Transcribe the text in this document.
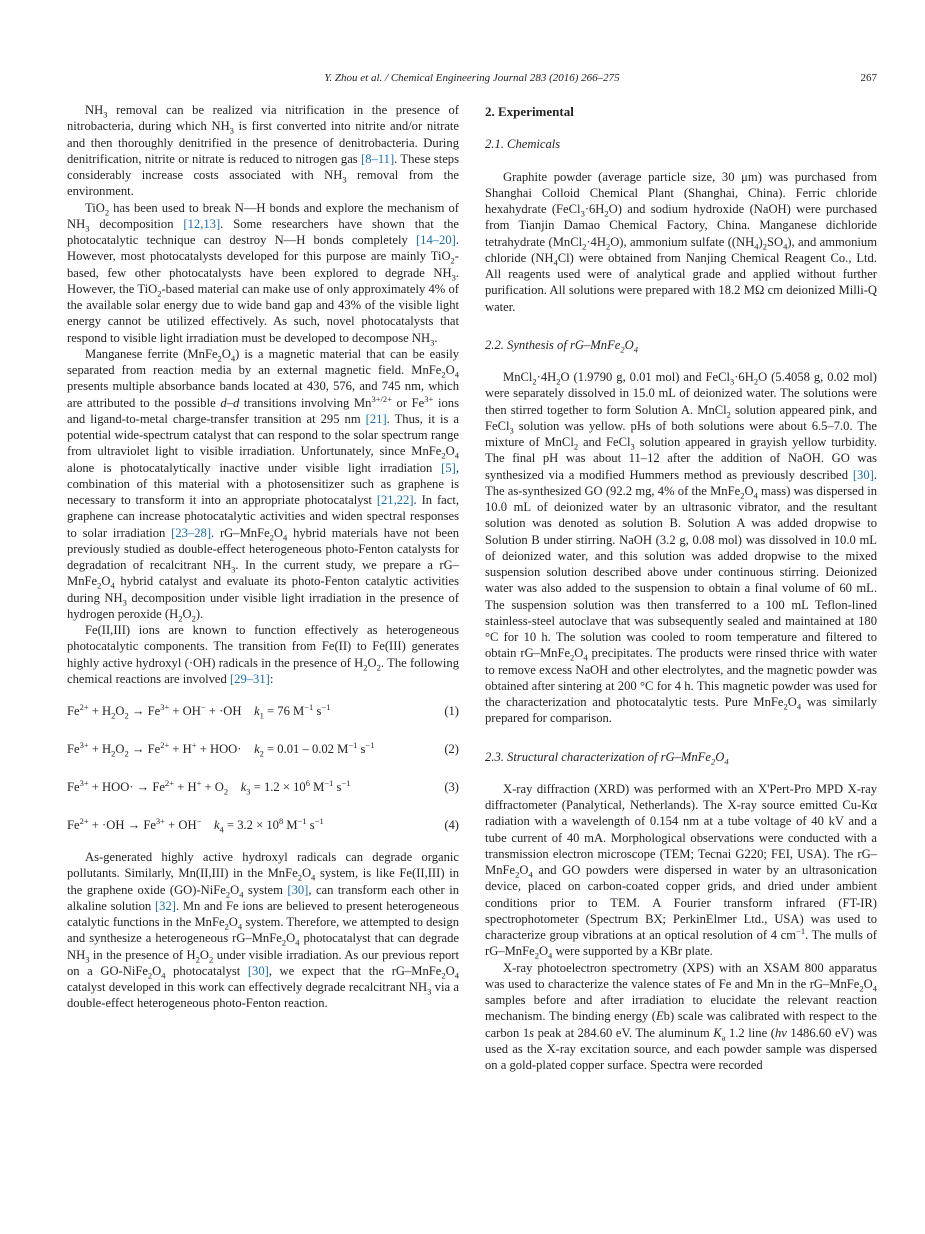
Y. Zhou et al. / Chemical Engineering Journal 283 (2016) 266–275	267

$NH_3$ removal can be realized via nitrification in the presence of nitrobacteria, during which $NH_3$ is first converted into nitrite and/or nitrate and then thoroughly denitrified in the presence of denitrobacteria. During denitrification, nitrite or nitrate is reduced to nitrogen gas [8–11]. These steps considerably increase costs associated with $NH_3$ removal from the environment.

TiO$_2$ has been used to break N—H bonds and explore the mechanism of $NH_3$ decomposition [12,13]. Some researchers have shown that the photocatalytic technique can destroy N—H bonds completely [14–20]. However, most photocatalysts developed for this purpose are mainly TiO$_2$-based, few other photocatalysts have been explored to degrade $NH_3$. However, the TiO$_2$-based material can make use of only approximately 4% of the available solar energy due to wide band gap and 43% of the visible light energy cannot be utilized effectively. As such, novel photocatalysts that respond to visible light irradiation must be developed to decompose $NH_3$.

Manganese ferrite $(MnFe_2O_4)$ is a magnetic material that can be easily separated from reaction media by an external magnetic field. $MnFe_2O_4$ presents multiple absorbance bands located at 430, 576, and 745 nm, which are attributed to the possible d–d transitions involving $Mn^{3+/2+}$ or $Fe^{3+}$ ions and ligand-to-metal charge-transfer transition at 295 nm [21]. Thus, it is a potential wide-spectrum catalyst that can respond to the solar spectrum range from ultraviolet light to visible irradiation. Unfortunately, since $MnFe_2O_4$ alone is photocatalytically inactive under visible light irradiation [5], combination of this material with a photosensitizer such as graphene is necessary to transform it into an appropriate photocatalyst [21,22]. In fact, graphene can increase photocatalytic activities and widen spectral responses to solar irradiation [23–28]. $rG-MnFe_2O_4$ hybrid materials have not been previously studied as double-effect heterogeneous photo-Fenton catalysts for degradation of recalcitrant $NH_3$. In the current study, we prepare a $rG-MnFe_2O_4$ hybrid catalyst and evaluate its photo-Fenton catalytic activities during $NH_3$ decomposition under visible light irradiation in the presence of hydrogen peroxide $(H_2O_2)$.

Fe(II,III) ions are known to function effectively as heterogeneous photocatalytic components. The transition from Fe(II) to Fe(III) generates highly active hydroxyl (·OH) radicals in the presence of $H_2O_2$. The following chemical reactions are involved [29–31]:

$Fe^{2+} + H_2O_2 \to Fe^{3+} + OH^- + \cdot OH$    $k_1 = 76$ $M^{-1}$ $s^{-1}$	(1)
$Fe^{3+} + H_2O_2 \to Fe^{2+} + H^+ + HOO\cdot$    $k_2 = 0.01 - 0.02$ $M^{-1}$ $s^{-1}$	(2)
$Fe^{3+} + HOO\cdot \to Fe^{2+} + H^+ + O_2$ $k_3 = 1.2 \times 10^6$ $M^{-1}$ $s^{-1}$	(3)
$Fe^{2+} + \cdot OH \to Fe^{3+} + OH^-$ $k_4 = 3.2 \times 10^8$ $M^{-1}$ $s^{-1}$	(4)

As-generated highly active hydroxyl radicals can degrade organic pollutants. Similarly, Mn(II,III) in the $MnFe_2O_4$ system, is like Fe(II,III) in the graphene oxide $(GO)-NiFe_2O_4$ system [30], can transform each other in alkaline solution [32]. Mn and Fe ions are believed to present heterogeneous catalytic functions in the $MnFe_2O_4$ system. Therefore, we attempted to design and synthesize a heterogeneous $rG-MnFe_2O_4$ photocatalyst that can degrade $NH_3$ in the presence of $H_2O_2$ under visible irradiation. As our previous report on a $GO-NiFe_2O_4$ photocatalyst [30], we expect that the $rG-MnFe_2O_4$ catalyst developed in this work can effectively degrade recalcitrant $NH_3$ via a double-effect heterogeneous photo-Fenton reaction.

2. Experimental
2.1. Chemicals

Graphite powder (average particle size, 30 μm) was purchased from Shanghai Colloid Chemical Plant (Shanghai, China). Ferric chloride hexahydrate $(FeCl_3\cdot 6H_2O)$ and sodium hydroxide (NaOH) were purchased from Tianjin Damao Chemical Factory, China. Manganese dichloride tetrahydrate $(MnCl_2\cdot 4H_2O)$, ammonium sulfate $((NH_4)_2SO_4)$, and ammonium chloride $(NH_4Cl)$ were obtained from Nanjing Chemical Reagent Co., Ltd. All reagents used were of analytical grade and applied without further purification. All solutions were prepared with 18.2 MΩ cm deionized Milli-Q water.

2.2. Synthesis of $rG-MnFe_2O_4$

$MnCl_2\cdot 4H_2O$ (1.9790 g, 0.01 mol) and $FeCl_3\cdot 6H_2O$ (5.4058 g, 0.02 mol) were separately dissolved in 15.0 mL of deionized water. The solutions were then stirred together to form Solution A. MnCl$_2$ solution appeared pink, and FeCl$_3$ solution was yellow. pHs of both solutions were about 6.5–7.0. The mixture of MnCl$_2$ and FeCl$_3$ solution appeared in grayish yellow turbidity. The final pH was about 11–12 after the addition of NaOH. GO was synthesized via a modified Hummers method as previously described [30]. The as-synthesized GO (92.2 mg, 4% of the $MnFe_2O_4$ mass) was dispersed in 10.0 mL of deionized water by an ultrasonic vibrator, and the resultant solution was denoted as solution B. Solution A was added dropwise to Solution B under stirring. NaOH (3.2 g, 0.08 mol) was dissolved in 10.0 mL of deionized water, and this solution was added dropwise to the mixed suspension solution described above under continuous stirring. Deionized water was also added to the suspension to obtain a final volume of 60 mL. The suspension solution was then transferred to a 100 mL Teflon-lined stainless-steel autoclave that was subsequently sealed and maintained at 180 °C for 10 h. The solution was cooled to room temperature and filtered to obtain $rG-MnFe_2O_4$ precipitates. The products were rinsed thrice with water to remove excess NaOH and other electrolytes, and the magnetic powder was obtained after sintering at 200 °C for 4 h. This magnetic powder was used for the characterization and photocatalytic tests. Pure $MnFe_2O_4$ was similarly prepared for comparison.

2.3. Structural characterization of $rG-MnFe_2O_4$

X-ray diffraction (XRD) was performed with an X'Pert-Pro MPD X-ray diffractometer (Panalytical, Netherlands). The X-ray source emitted Cu-Kα radiation with a wavelength of 0.154 nm at a tube voltage of 40 kV and a tube current of 40 mA. Morphological observations were conducted with a transmission electron microscope (TEM; Tecnai G220; FEI, USA). The $rG-MnFe_2O_4$ and GO powders were dispersed in water by an ultrasonication device, placed on carbon-coated copper grids, and dried under ambient conditions prior to TEM. A Fourier transform infrared (FT-IR) spectrophotometer (Spectrum BX; PerkinElmer Ltd., USA) was used to characterize group vibrations at an optical resolution of 4 $cm^{-1}$. The mulls of $rG-MnFe_2O_4$ were supported by a KBr plate.

X-ray photoelectron spectrometry (XPS) with an XSAM 800 apparatus was used to characterize the valence states of Fe and Mn in the $rG-MnFe_2O_4$ samples before and after irradiation to elucidate the relevant reaction mechanism. The binding energy (Eb) scale was calibrated with respect to the carbon 1s peak at 284.60 eV. The aluminum $K_a$ 1.2 line (hν 1486.60 eV) was used as the X-ray excitation source, and each powder sample was dispersed on a gold-plated copper surface. Spectra were recorded
